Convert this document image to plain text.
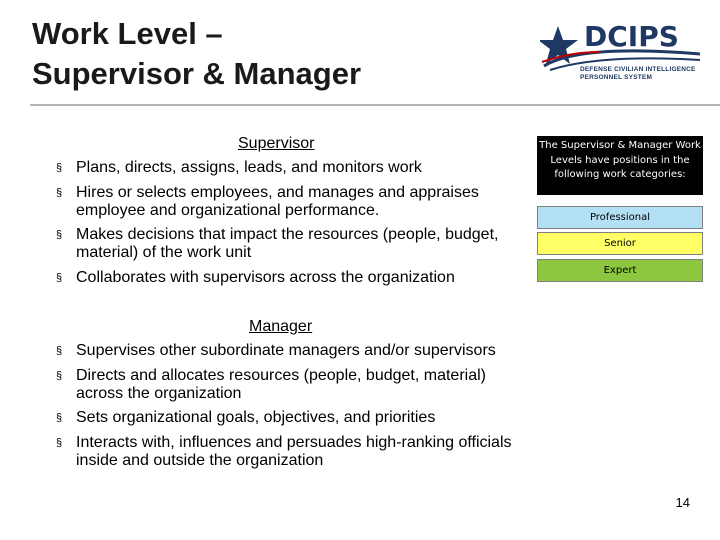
Work Level –
Supervisor & Manager
DCIPS
DEFENSE CIVILIAN INTELLIGENCE
PERSONNEL SYSTEM
Supervisor
§ Plans, directs, assigns, leads, and monitors work
§ Hires or selects employees, and manages and appraises employee and organizational performance.
§ Makes decisions that impact the resources (people, budget, material) of the work unit
§ Collaborates with supervisors across the organization
Manager
§ Supervises other subordinate managers and/or supervisors
§ Directs and allocates resources (people, budget, material) across the organization
§ Sets organizational goals, objectives, and priorities
§ Interacts with, influences and persuades high-ranking officials inside and outside the organization
The Supervisor & Manager Work Levels have positions in the following work categories:
Professional
Senior
Expert
14
